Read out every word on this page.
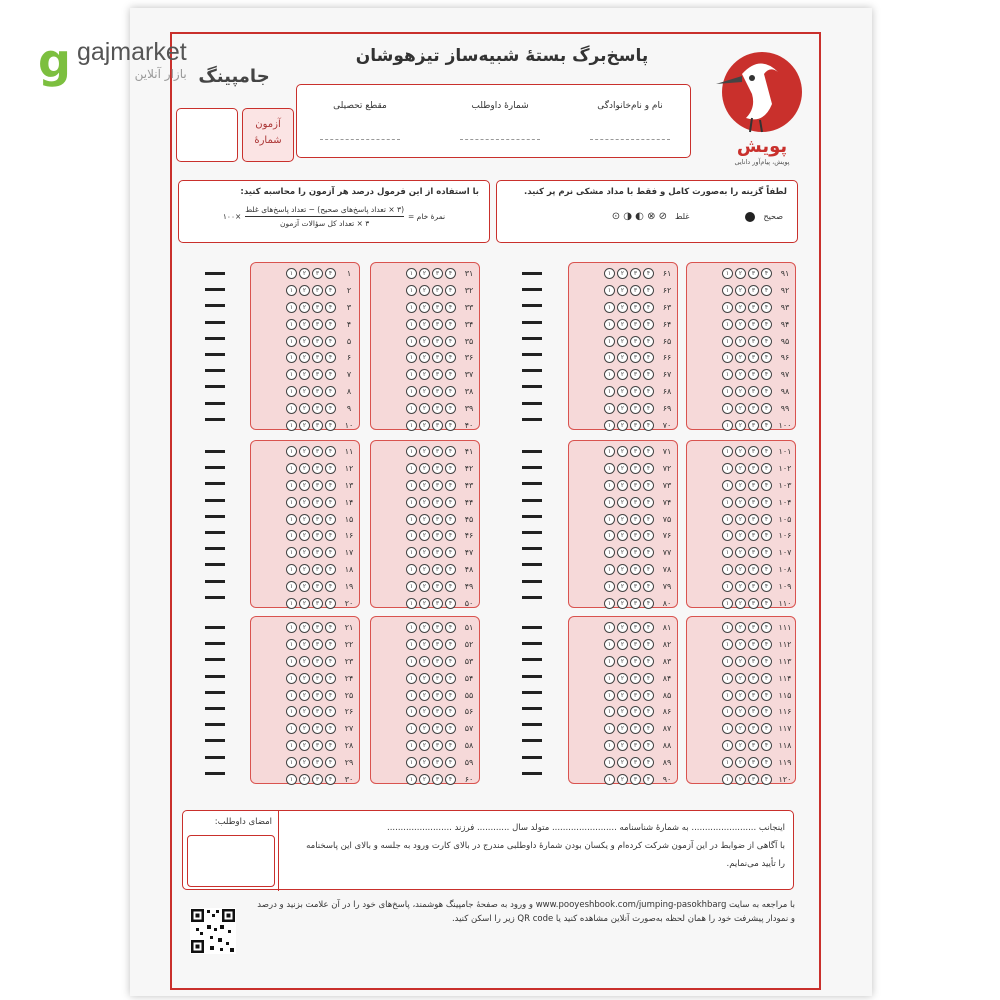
g gajmarket
بازار آنلاین
پاسخ‌برگ بستهٔ شبیه‌ساز تیزهوشان
پویش
پویش، پیام‌آور دانایی
جامپینگ
نام و نام‌خانوادگی
شمارهٔ داوطلب
مقطع تحصیلی
آزمون
شمارهٔ
با استفاده از این فرمول درصد هر آزمون را محاسبه کنید:
نمرهٔ خام =
(۳ × تعداد پاسخ‌های صحیح) − تعداد پاسخ‌های غلط
۳ × تعداد کل سؤالات آزمون
×۱۰۰
لطفاً گزینه را به‌صورت کامل و فقط با مداد مشکی نرم پر کنید.
صحیح
غلط
⊘ ⊗ ◐ ◑ ⊙
۱
۱	۲	۳	۴
۲
۱	۲	۳	۴
۳
۱	۲	۳	۴
۴
۱	۲	۳	۴
۵
۱	۲	۳	۴
۶
۱	۲	۳	۴
۷
۱	۲	۳	۴
۸
۱	۲	۳	۴
۹
۱	۲	۳	۴
۱۰
۱	۲	۳	۴
۳۱
۱	۲	۳	۴
۳۲
۱	۲	۳	۴
۳۳
۱	۲	۳	۴
۳۴
۱	۲	۳	۴
۳۵
۱	۲	۳	۴
۳۶
۱	۲	۳	۴
۳۷
۱	۲	۳	۴
۳۸
۱	۲	۳	۴
۳۹
۱	۲	۳	۴
۴۰
۱	۲	۳	۴
۶۱
۱	۲	۳	۴
۶۲
۱	۲	۳	۴
۶۳
۱	۲	۳	۴
۶۴
۱	۲	۳	۴
۶۵
۱	۲	۳	۴
۶۶
۱	۲	۳	۴
۶۷
۱	۲	۳	۴
۶۸
۱	۲	۳	۴
۶۹
۱	۲	۳	۴
۷۰
۱	۲	۳	۴
۹۱
۱	۲	۳	۴
۹۲
۱	۲	۳	۴
۹۳
۱	۲	۳	۴
۹۴
۱	۲	۳	۴
۹۵
۱	۲	۳	۴
۹۶
۱	۲	۳	۴
۹۷
۱	۲	۳	۴
۹۸
۱	۲	۳	۴
۹۹
۱	۲	۳	۴
۱۰۰
۱	۲	۳	۴
۱۱
۱	۲	۳	۴
۱۲
۱	۲	۳	۴
۱۳
۱	۲	۳	۴
۱۴
۱	۲	۳	۴
۱۵
۱	۲	۳	۴
۱۶
۱	۲	۳	۴
۱۷
۱	۲	۳	۴
۱۸
۱	۲	۳	۴
۱۹
۱	۲	۳	۴
۲۰
۱	۲	۳	۴
۴۱
۱	۲	۳	۴
۴۲
۱	۲	۳	۴
۴۳
۱	۲	۳	۴
۴۴
۱	۲	۳	۴
۴۵
۱	۲	۳	۴
۴۶
۱	۲	۳	۴
۴۷
۱	۲	۳	۴
۴۸
۱	۲	۳	۴
۴۹
۱	۲	۳	۴
۵۰
۱	۲	۳	۴
۷۱
۱	۲	۳	۴
۷۲
۱	۲	۳	۴
۷۳
۱	۲	۳	۴
۷۴
۱	۲	۳	۴
۷۵
۱	۲	۳	۴
۷۶
۱	۲	۳	۴
۷۷
۱	۲	۳	۴
۷۸
۱	۲	۳	۴
۷۹
۱	۲	۳	۴
۸۰
۱	۲	۳	۴
۱۰۱
۱	۲	۳	۴
۱۰۲
۱	۲	۳	۴
۱۰۳
۱	۲	۳	۴
۱۰۴
۱	۲	۳	۴
۱۰۵
۱	۲	۳	۴
۱۰۶
۱	۲	۳	۴
۱۰۷
۱	۲	۳	۴
۱۰۸
۱	۲	۳	۴
۱۰۹
۱	۲	۳	۴
۱۱۰
۱	۲	۳	۴
۲۱
۱	۲	۳	۴
۲۲
۱	۲	۳	۴
۲۳
۱	۲	۳	۴
۲۴
۱	۲	۳	۴
۲۵
۱	۲	۳	۴
۲۶
۱	۲	۳	۴
۲۷
۱	۲	۳	۴
۲۸
۱	۲	۳	۴
۲۹
۱	۲	۳	۴
۳۰
۱	۲	۳	۴
۵۱
۱	۲	۳	۴
۵۲
۱	۲	۳	۴
۵۳
۱	۲	۳	۴
۵۴
۱	۲	۳	۴
۵۵
۱	۲	۳	۴
۵۶
۱	۲	۳	۴
۵۷
۱	۲	۳	۴
۵۸
۱	۲	۳	۴
۵۹
۱	۲	۳	۴
۶۰
۱	۲	۳	۴
۸۱
۱	۲	۳	۴
۸۲
۱	۲	۳	۴
۸۳
۱	۲	۳	۴
۸۴
۱	۲	۳	۴
۸۵
۱	۲	۳	۴
۸۶
۱	۲	۳	۴
۸۷
۱	۲	۳	۴
۸۸
۱	۲	۳	۴
۸۹
۱	۲	۳	۴
۹۰
۱	۲	۳	۴
۱۱۱
۱	۲	۳	۴
۱۱۲
۱	۲	۳	۴
۱۱۳
۱	۲	۳	۴
۱۱۴
۱	۲	۳	۴
۱۱۵
۱	۲	۳	۴
۱۱۶
۱	۲	۳	۴
۱۱۷
۱	۲	۳	۴
۱۱۸
۱	۲	۳	۴
۱۱۹
۱	۲	۳	۴
۱۲۰
۱	۲	۳	۴
اینجانب ........................ به شمارهٔ شناسنامه ........................ متولد سال ............ فرزند ........................
با آگاهی از ضوابط در این آزمون شرکت کرده‌ام و یکسان بودن شمارهٔ داوطلبی مندرج در بالای کارت ورود به جلسه و بالای این پاسخنامه
را تأیید می‌نمایم.
امضای داوطلب:
با مراجعه به سایت www.pooyeshbook.com/jumping-pasokhbarg و ورود به صفحهٔ جامپینگ هوشمند، پاسخ‌های خود را در آن علامت بزنید و درصد
و نمودار پیشرفت خود را همان لحظه به‌صورت آنلاین مشاهده کنید یا QR code زیر را اسکن کنید.
